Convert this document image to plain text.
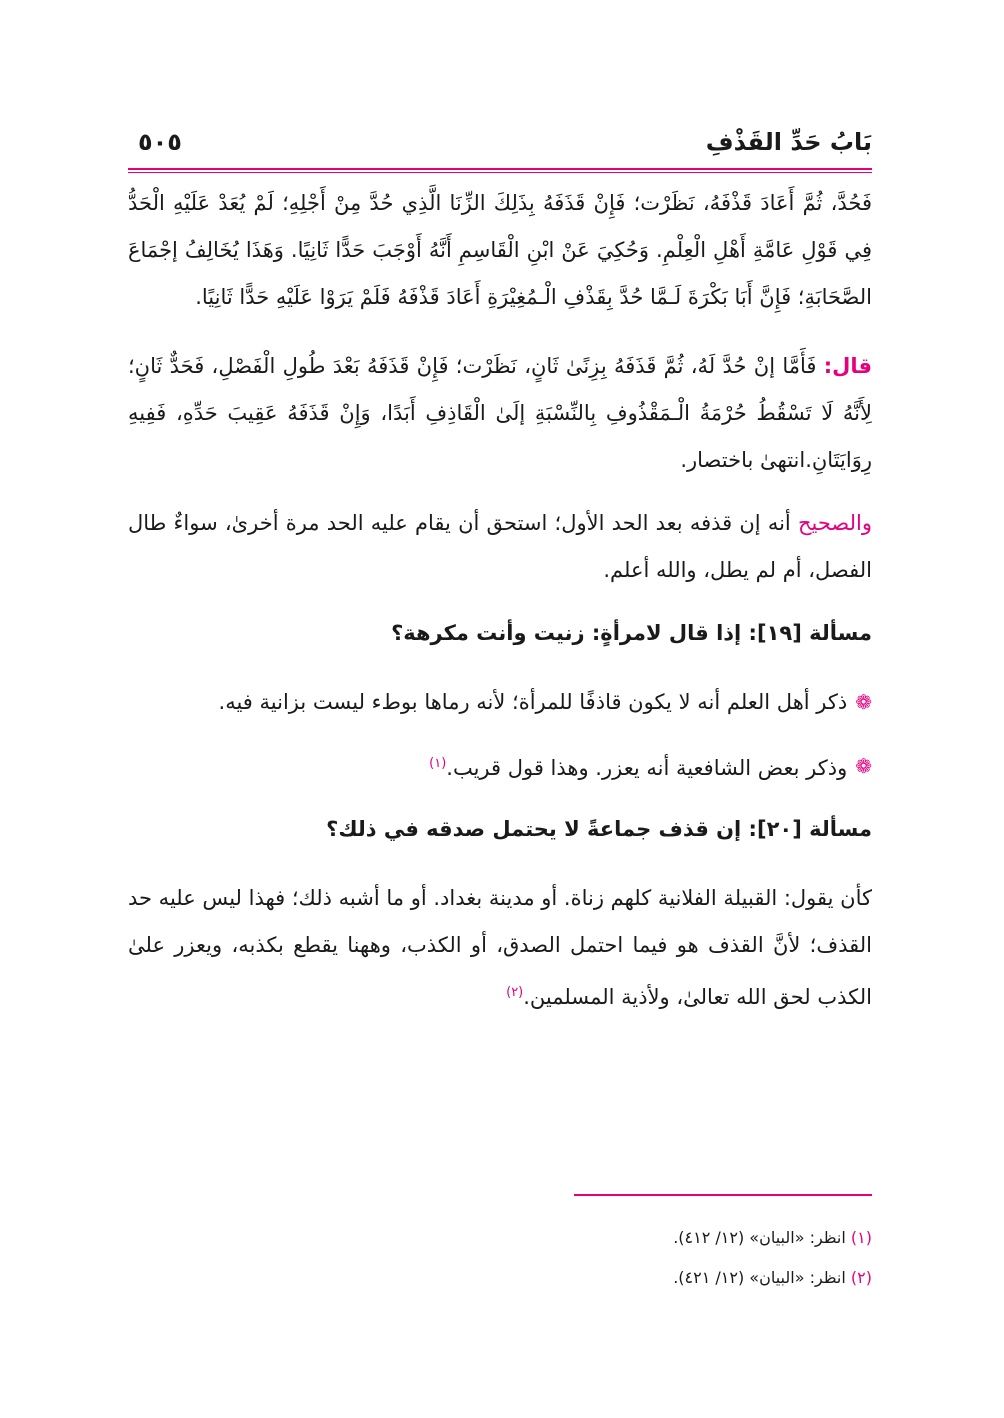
بَابُ حَدِّ القَذْفِ
٥٠٥

فَحُدَّ، ثُمَّ أَعَادَ قَذْفَهُ، نَظَرْت؛ فَإِنْ قَذَفَهُ بِذَلِكَ الزِّنَا الَّذِي حُدَّ مِنْ أَجْلِهِ؛ لَمْ يُعَدْ عَلَيْهِ الْحَدُّ فِي قَوْلِ عَامَّةِ أَهْلِ الْعِلْمِ. وَحُكِيَ عَنْ ابْنِ الْقَاسِمِ أَنَّهُ أَوْجَبَ حَدًّا ثَانِيًا. وَهَذَا يُخَالِفُ إجْمَاعَ الصَّحَابَةِ؛ فَإِنَّ أَبَا بَكْرَةَ لَـمَّا حُدَّ بِقَذْفِ الْـمُغِيْرَةِ أَعَادَ قَذْفَهُ فَلَمْ يَرَوْا عَلَيْهِ حَدًّا ثَانِيًا.

قال: فَأَمَّا إنْ حُدَّ لَهُ، ثُمَّ قَذَفَهُ بِزِنًىٰ ثَانٍ، نَظَرْت؛ فَإِنْ قَذَفَهُ بَعْدَ طُولِ الْفَصْلِ، فَحَدٌّ ثَانٍ؛ لِأَنَّهُ لَا تَسْقُطُ حُرْمَةُ الْـمَقْذُوفِ بِالنِّسْبَةِ إلَىٰ الْقَاذِفِ أَبَدًا، وَإِنْ قَذَفَهُ عَقِيبَ حَدِّهِ، فَفِيهِ رِوَايَتَانِ.انتهىٰ باختصار.

والصحيح أنه إن قذفه بعد الحد الأول؛ استحق أن يقام عليه الحد مرة أخرىٰ، سواءٌ طال الفصل، أم لم يطل، والله أعلم.

مسألة [١٩]: إذا قال لامرأةٍ: زنيت وأنت مكرهة؟

❁
ذكر أهل العلم أنه لا يكون قاذفًا للمرأة؛ لأنه رماها بوطء ليست بزانية فيه.

❁
وذكر بعض الشافعية أنه يعزر. وهذا قول قريب.$^{(١)}$

مسألة [٢٠]: إن قذف جماعةً لا يحتمل صدقه في ذلك؟

كأن يقول: القبيلة الفلانية كلهم زناة. أو مدينة بغداد. أو ما أشبه ذلك؛ فهذا ليس عليه حد القذف؛ لأنَّ القذف هو فيما احتمل الصدق، أو الكذب، وههنا يقطع بكذبه، ويعزر علىٰ الكذب لحق الله تعالىٰ، ولأذية المسلمين.$^{(٢)}$

(١) انظر: «البيان» (١٢/ ٤١٢).
(٢) انظر: «البيان» (١٢/ ٤٢١).
